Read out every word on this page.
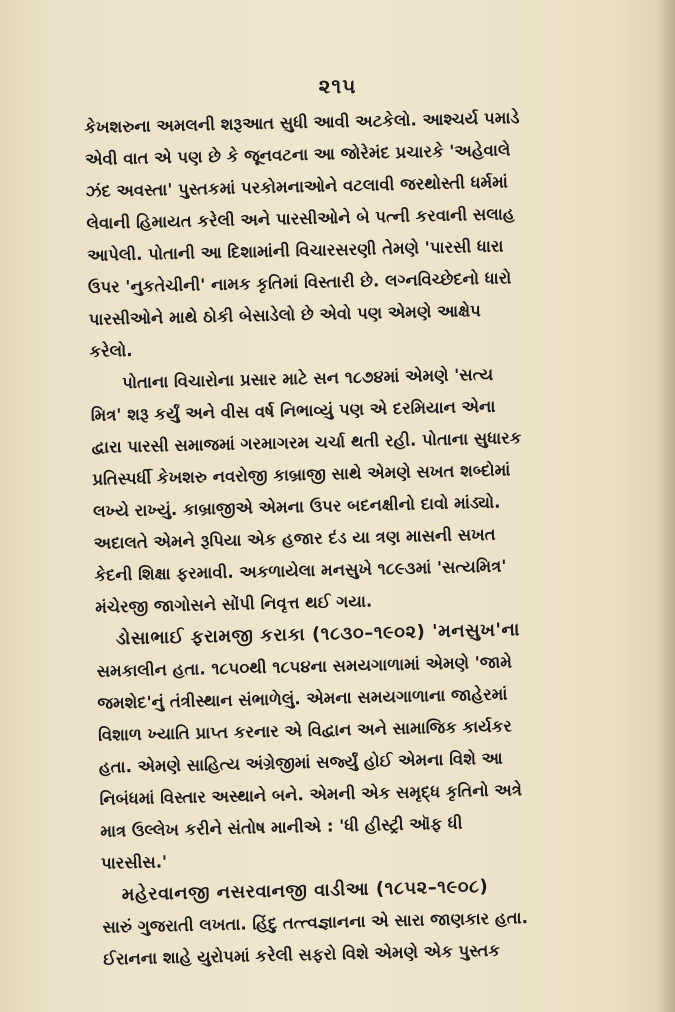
૨૧૫
કેખશરુના અમલની શરૂઆત સુધી આવી અટકેલો. આશ્ચર્ય પમાડે
એવી વાત એ પણ છે કે જૂનવટના આ જોરેમંદ પ્રચારકે 'અહેવાલે
ઝંદ અવસ્તા' પુસ્તકમાં પરકોમનાઓને વટલાવી જરથોસ્તી ધર્મમાં
લેવાની હિમાયત કરેલી અને પારસીઓને બે પત્ની કરવાની સલાહ
આપેલી. પોતાની આ દિશામાંની વિચારસરણી તેમણે 'પારસી ધારા
ઉપર 'નુકતેચીની' નામક કૃતિમાં વિસ્તારી છે. લગ્નવિચ્છેદનો ધારો
પારસીઓને માથે ઠોકી બેસાડેલો છે એવો પણ એમણે આક્ષેપ
કરેલો.
પોતાના વિચારોના પ્રસાર માટે સન ૧૮૭૪માં એમણે 'સત્ય
મિત્ર' શરૂ કર્યું અને વીસ વર્ષ નિભાવ્યું પણ એ દરમિયાન એના
દ્વારા પારસી સમાજમાં ગરમાગરમ ચર્ચા થતી રહી. પોતાના સુધારક
પ્રતિસ્પર્ધી કેખશરુ નવરોજી કાબ્રાજી સાથે એમણે સખત શબ્દોમાં
લખ્યે રાખ્યું. કાબ્રાજીએ એમના ઉપર બદનક્ષીનો દાવો માંડ્યો.
અદાલતે એમને રૂપિયા એક હજાર દંડ યા ત્રણ માસની સખત
કેદની શિક્ષા ફરમાવી. અકળાયેલા મનસુખે ૧૮૯૩માં 'સત્યમિત્ર'
મંચેરજી જાગોસને સોંપી નિવૃત્ત થઈ ગયા.
ડોસાભાઈ ફરામજી કરાકા (૧૮૩૦–૧૯૦૨) 'મનસુખ'ના
સમકાલીન હતા. ૧૮૫૦થી ૧૮૫૪ના સમયગાળામાં એમણે 'જામે
જમશેદ'નું તંત્રીસ્થાન સંભાળેલું. એમના સમયગાળાના જાહેરમાં
વિશાળ ખ્યાતિ પ્રાપ્ત કરનાર એ વિદ્વાન અને સામાજિક કાર્યકર
હતા. એમણે સાહિત્ય અંગ્રેજીમાં સર્જ્યું હોઈ એમના વિશે આ
નિબંધમાં વિસ્તાર અસ્થાને બને. એમની એક સમૃદ્ધ કૃતિનો અત્રે
માત્ર ઉલ્લેખ કરીને સંતોષ માનીએ : 'ધી હીસ્ટ્રી ઑફ ધી
પારસીસ.'
મહેરવાનજી નસરવાનજી વાડીઆ (૧૮૫૨–૧૯૦૮)
સારું ગુજરાતી લખતા. હિંદુ તત્ત્વજ્ઞાનના એ સારા જાણકાર હતા.
ઈરાનના શાહે યુરોપમાં કરેલી સફરો વિશે એમણે એક પુસ્તક
